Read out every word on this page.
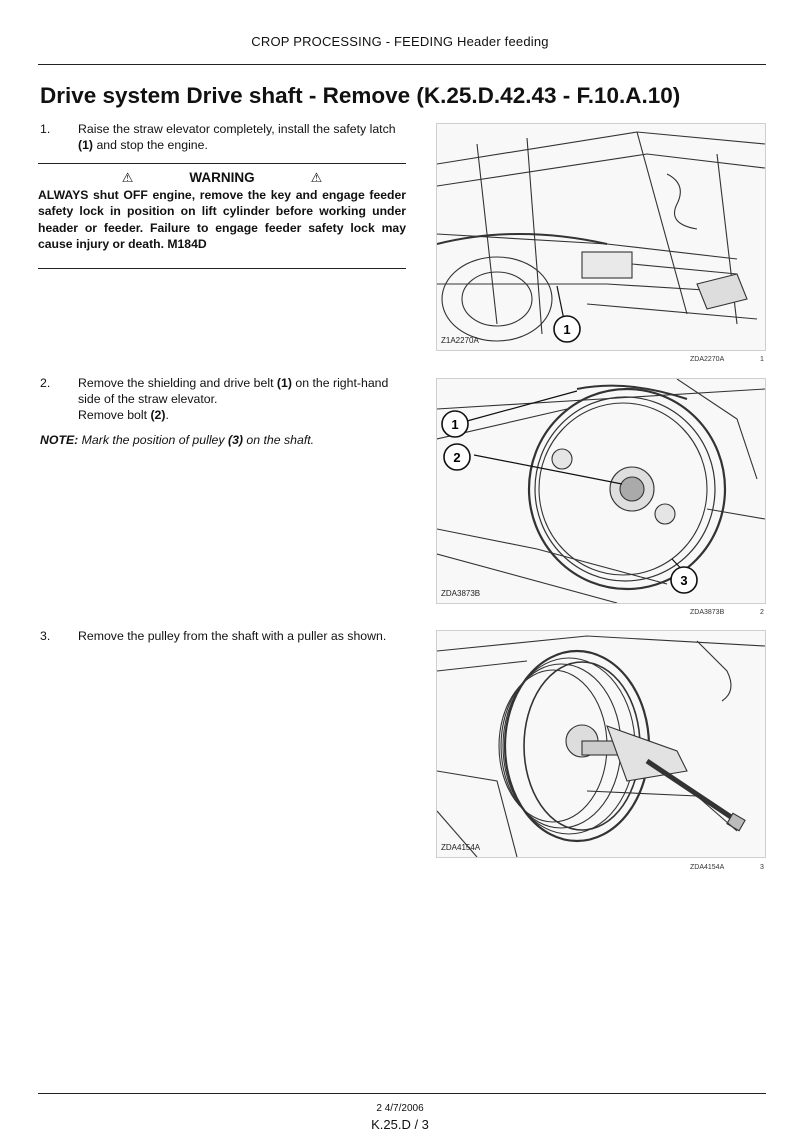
CROP PROCESSING - FEEDING Header feeding
Drive system Drive shaft - Remove (K.25.D.42.43 - F.10.A.10)
1. Raise the straw elevator completely, install the safety latch (1) and stop the engine.
⚠	WARNING	⚠
ALWAYS shut OFF engine, remove the key and engage feeder safety lock in position on lift cylinder before working under header or feeder. Failure to engage feeder safety lock may cause injury or death. M184D
1
Z1A2270A
ZDA2270A	1
2. Remove the shielding and drive belt (1) on the right-hand side of the straw elevator.
Remove bolt (2).
NOTE: Mark the position of pulley (3) on the shaft.
1
2
3
ZDA3873B
ZDA3873B	2
3. Remove the pulley from the shaft with a puller as shown.
ZDA4154A
ZDA4154A	3
2 4/7/2006
K.25.D / 3
